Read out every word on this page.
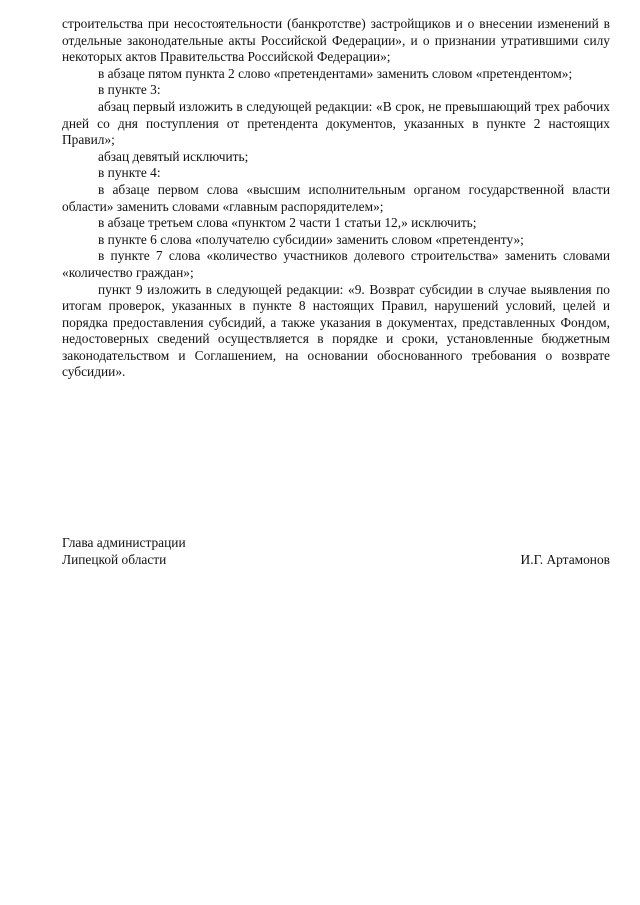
строительства при несостоятельности (банкротстве) застройщиков и о внесении изменений в отдельные законодательные акты Российской Федерации», и о признании утратившими силу некоторых актов Правительства Российской Федерации»;

в абзаце пятом пункта 2 слово «претендентами» заменить словом «претендентом»;

в пункте 3:

абзац первый изложить в следующей редакции: «В срок, не превышающий трех рабочих дней со дня поступления от претендента документов, указанных в пункте 2 настоящих Правил»;

абзац девятый исключить;

в пункте 4:

в абзаце первом слова «высшим исполнительным органом государственной власти области» заменить словами «главным распорядителем»;

в абзаце третьем слова «пунктом 2 части 1 статьи 12,» исключить;

в пункте 6 слова «получателю субсидии» заменить словом «претенденту»;

в пункте 7 слова «количество участников долевого строительства» заменить словами «количество граждан»;

пункт 9 изложить в следующей редакции: «9. Возврат субсидии в случае выявления по итогам проверок, указанных в пункте 8 настоящих Правил, нарушений условий, целей и порядка предоставления субсидий, а также указания в документах, представленных Фондом, недостоверных сведений осуществляется в порядке и сроки, установленные бюджетным законодательством и Соглашением, на основании обоснованного требования о возврате субсидии».

Глава администрации
Липецкой области	И.Г. Артамонов
